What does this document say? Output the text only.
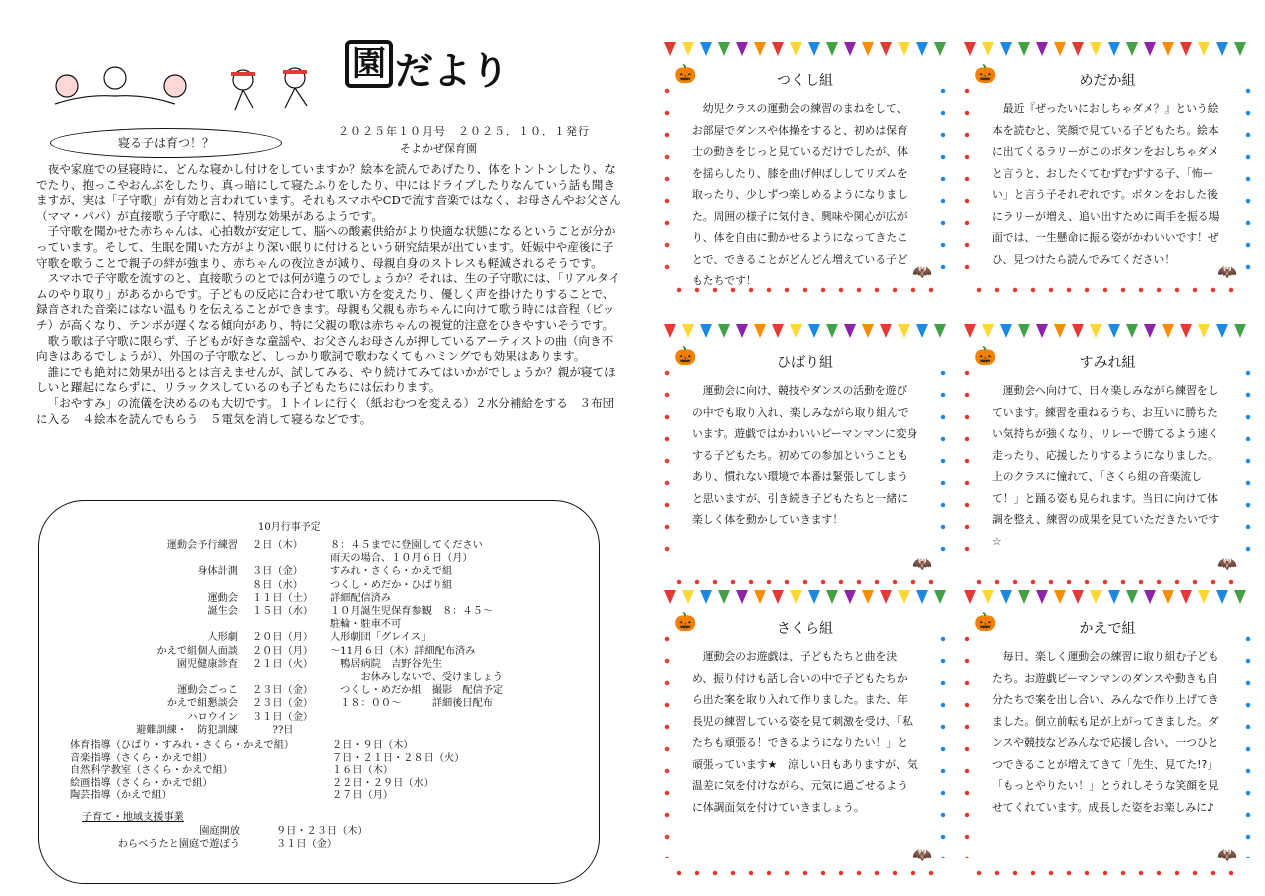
園 だより
寝る子は育つ！？
２０２５年１０月号　２０２５．１０．１発行
そよかぜ保育園

夜や家庭での昼寝時に、どんな寝かし付けをしていますか？絵本を読んであげたり、体をトントンしたり、なでたり、抱っこやおんぶをしたり、真っ暗にして寝たふりをしたり、中にはドライブしたりなんていう話も聞きますが、実は「子守歌」が有効と言われています。それもスマホやCDで流す音楽ではなく、お母さんやお父さん（ママ・パパ）が直接歌う子守歌に、特別な効果があるようです。

子守歌を聞かせた赤ちゃんは、心拍数が安定して、脳への酸素供給がより快適な状態になるということが分かっています。そして、生眠を聞いた方がより深い眠りに付けるという研究結果が出ています。妊娠中や産後に子守歌を歌うことで親子の絆が強まり、赤ちゃんの夜泣きが減り、母親自身のストレスも軽減されるそうです。

スマホで子守歌を流すのと、直接歌うのとでは何が違うのでしょうか？それは、生の子守歌には、「リアルタイムのやり取り」があるからです。子どもの反応に合わせて歌い方を変えたり、優しく声を掛けたりすることで、録音された音楽にはない温もりを伝えることができます。母親も父親も赤ちゃんに向けて歌う時には音程（ピッチ）が高くなり、テンポが遅くなる傾向があり、特に父親の歌は赤ちゃんの視覚的注意をひきやすいそうです。

歌う歌は子守歌に限らず、子どもが好きな童謡や、お父さんお母さんが押しているアーティストの曲（向き不向きはあるでしょうが）、外国の子守歌など、しっかり歌詞で歌わなくてもハミングでも効果はあります。

誰にでも絶対に効果が出るとは言えませんが、試してみる、やり続けてみてはいかがでしょうか？親が寝てほしいと躍起にならずに、リラックスしているのも子どもたちには伝わります。

「おやすみ」の流儀を決めるのも大切です。１トイレに行く（紙おむつを変える）２水分補給をする　３布団に入る　４絵本を読んでもらう　５電気を消して寝るなどです。

10月行事予定
運動会予行練習 ２日（木）	８：４５までに登園してください
雨天の場合、１０月６日（月）
身体計測 ３日（金）	すみれ・さくら・かえで組
８日（水）	つくし・めだか・ひばり組
運動会 １１日（土） 詳細配信済み
誕生会 １５日（水） １０月誕生児保育参観　８：４５～
駐輪・駐車不可
人形劇 ２０日（月） 人形劇団「グレイス」
かえで組個人面談 ２０日（月） ～11月６日（木）詳細配布済み
園児健康診査 ２１日（火）　鴨居病院　吉野谷先生
　　　お休みしないで、受けましょう
運動会ごっこ ２３日（金）　つくし・めだか組　撮影　配信予定
かえで組懇談会 ２３日（金）　１８：００～　　　詳細後日配布
ハロウイン ３１日（金）
避難訓練・　防犯訓練　　??日
体育指導（ひばり・すみれ・さくら・かえで組）	２日・９日（木）
音楽指導（さくら・かえで組）	７日・２１日・２８日（火）
自然科学教室（さくら・かえで組）	１６日（木）
絵画指導（さくら・かえで組）	２２日・２９日（水）
陶芸指導（かえで組）	２７日（月）
子育て・地域支援事業
園庭開放	９日・２３日（木）
わらべうたと園庭で遊ぼう	３１日（金）
🎃
🦇
つくし組
幼児クラスの運動会の練習のまねをして、お部屋でダンスや体操をすると、初めは保育士の動きをじっと見ているだけでしたが、体を揺らしたり、膝を曲げ伸ばししてリズムを取ったり、少しずつ楽しめるようになりました。周囲の様子に気付き、興味や関心が広がり、体を自由に動かせるようになってきたことで、できることがどんどん増えている子どもたちです！
🎃
🦇
めだか組
最近『ぜったいにおしちゃダメ？』という絵本を読むと、笑顔で見ている子どもたち。絵本に出てくるラリーがこのボタンをおしちゃダメと言うと、おしたくてむずむずする子、「怖ーい」と言う子それぞれです。ボタンをおした後にラリーが増え、追い出すために両手を振る場面では、一生懸命に振る姿がかわいいです！ぜひ、見つけたら読んでみてください！
🎃
🦇
ひばり組
運動会に向け、競技やダンスの活動を遊びの中でも取り入れ、楽しみながら取り組んでいます。遊戯ではかわいいピーマンマンに変身する子どもたち。初めての参加ということもあり、慣れない環境で本番は緊張してしまうと思いますが、引き続き子どもたちと一緒に楽しく体を動かしていきます！
🎃
🦇
すみれ組
運動会へ向けて、日々楽しみながら練習をしています。練習を重ねるうち、お互いに勝ちたい気持ちが強くなり、リレーで勝てるよう速く走ったり、応援したりするようになりました。上のクラスに憧れて、「さくら組の音楽流して！」と踊る姿も見られます。当日に向けて体調を整え、練習の成果を見ていただきたいです☆
🎃
🦇
さくら組
運動会のお遊戯は、子どもたちと曲を決め、振り付けも話し合いの中で子どもたちから出た案を取り入れて作りました。また、年長児の練習している姿を見て刺激を受け、「私たちも頑張る！できるようになりたい！」と頑張っています★　涼しい日もありますが、気温差に気を付けながら、元気に過ごせるように体調面気を付けていきましょう。
🎃
🦇
かえで組
毎日、楽しく運動会の練習に取り組む子どもたち。お遊戯ピーマンマンのダンスや動きも自分たちで案を出し合い、みんなで作り上げてきました。倒立前転も足が上がってきました。ダンスや競技などみんなで応援し合い、一つひとつできることが増えてきて「先生、見てた!?」「もっとやりたい！」とうれしそうな笑顔を見せてくれています。成長した姿をお楽しみに♪
